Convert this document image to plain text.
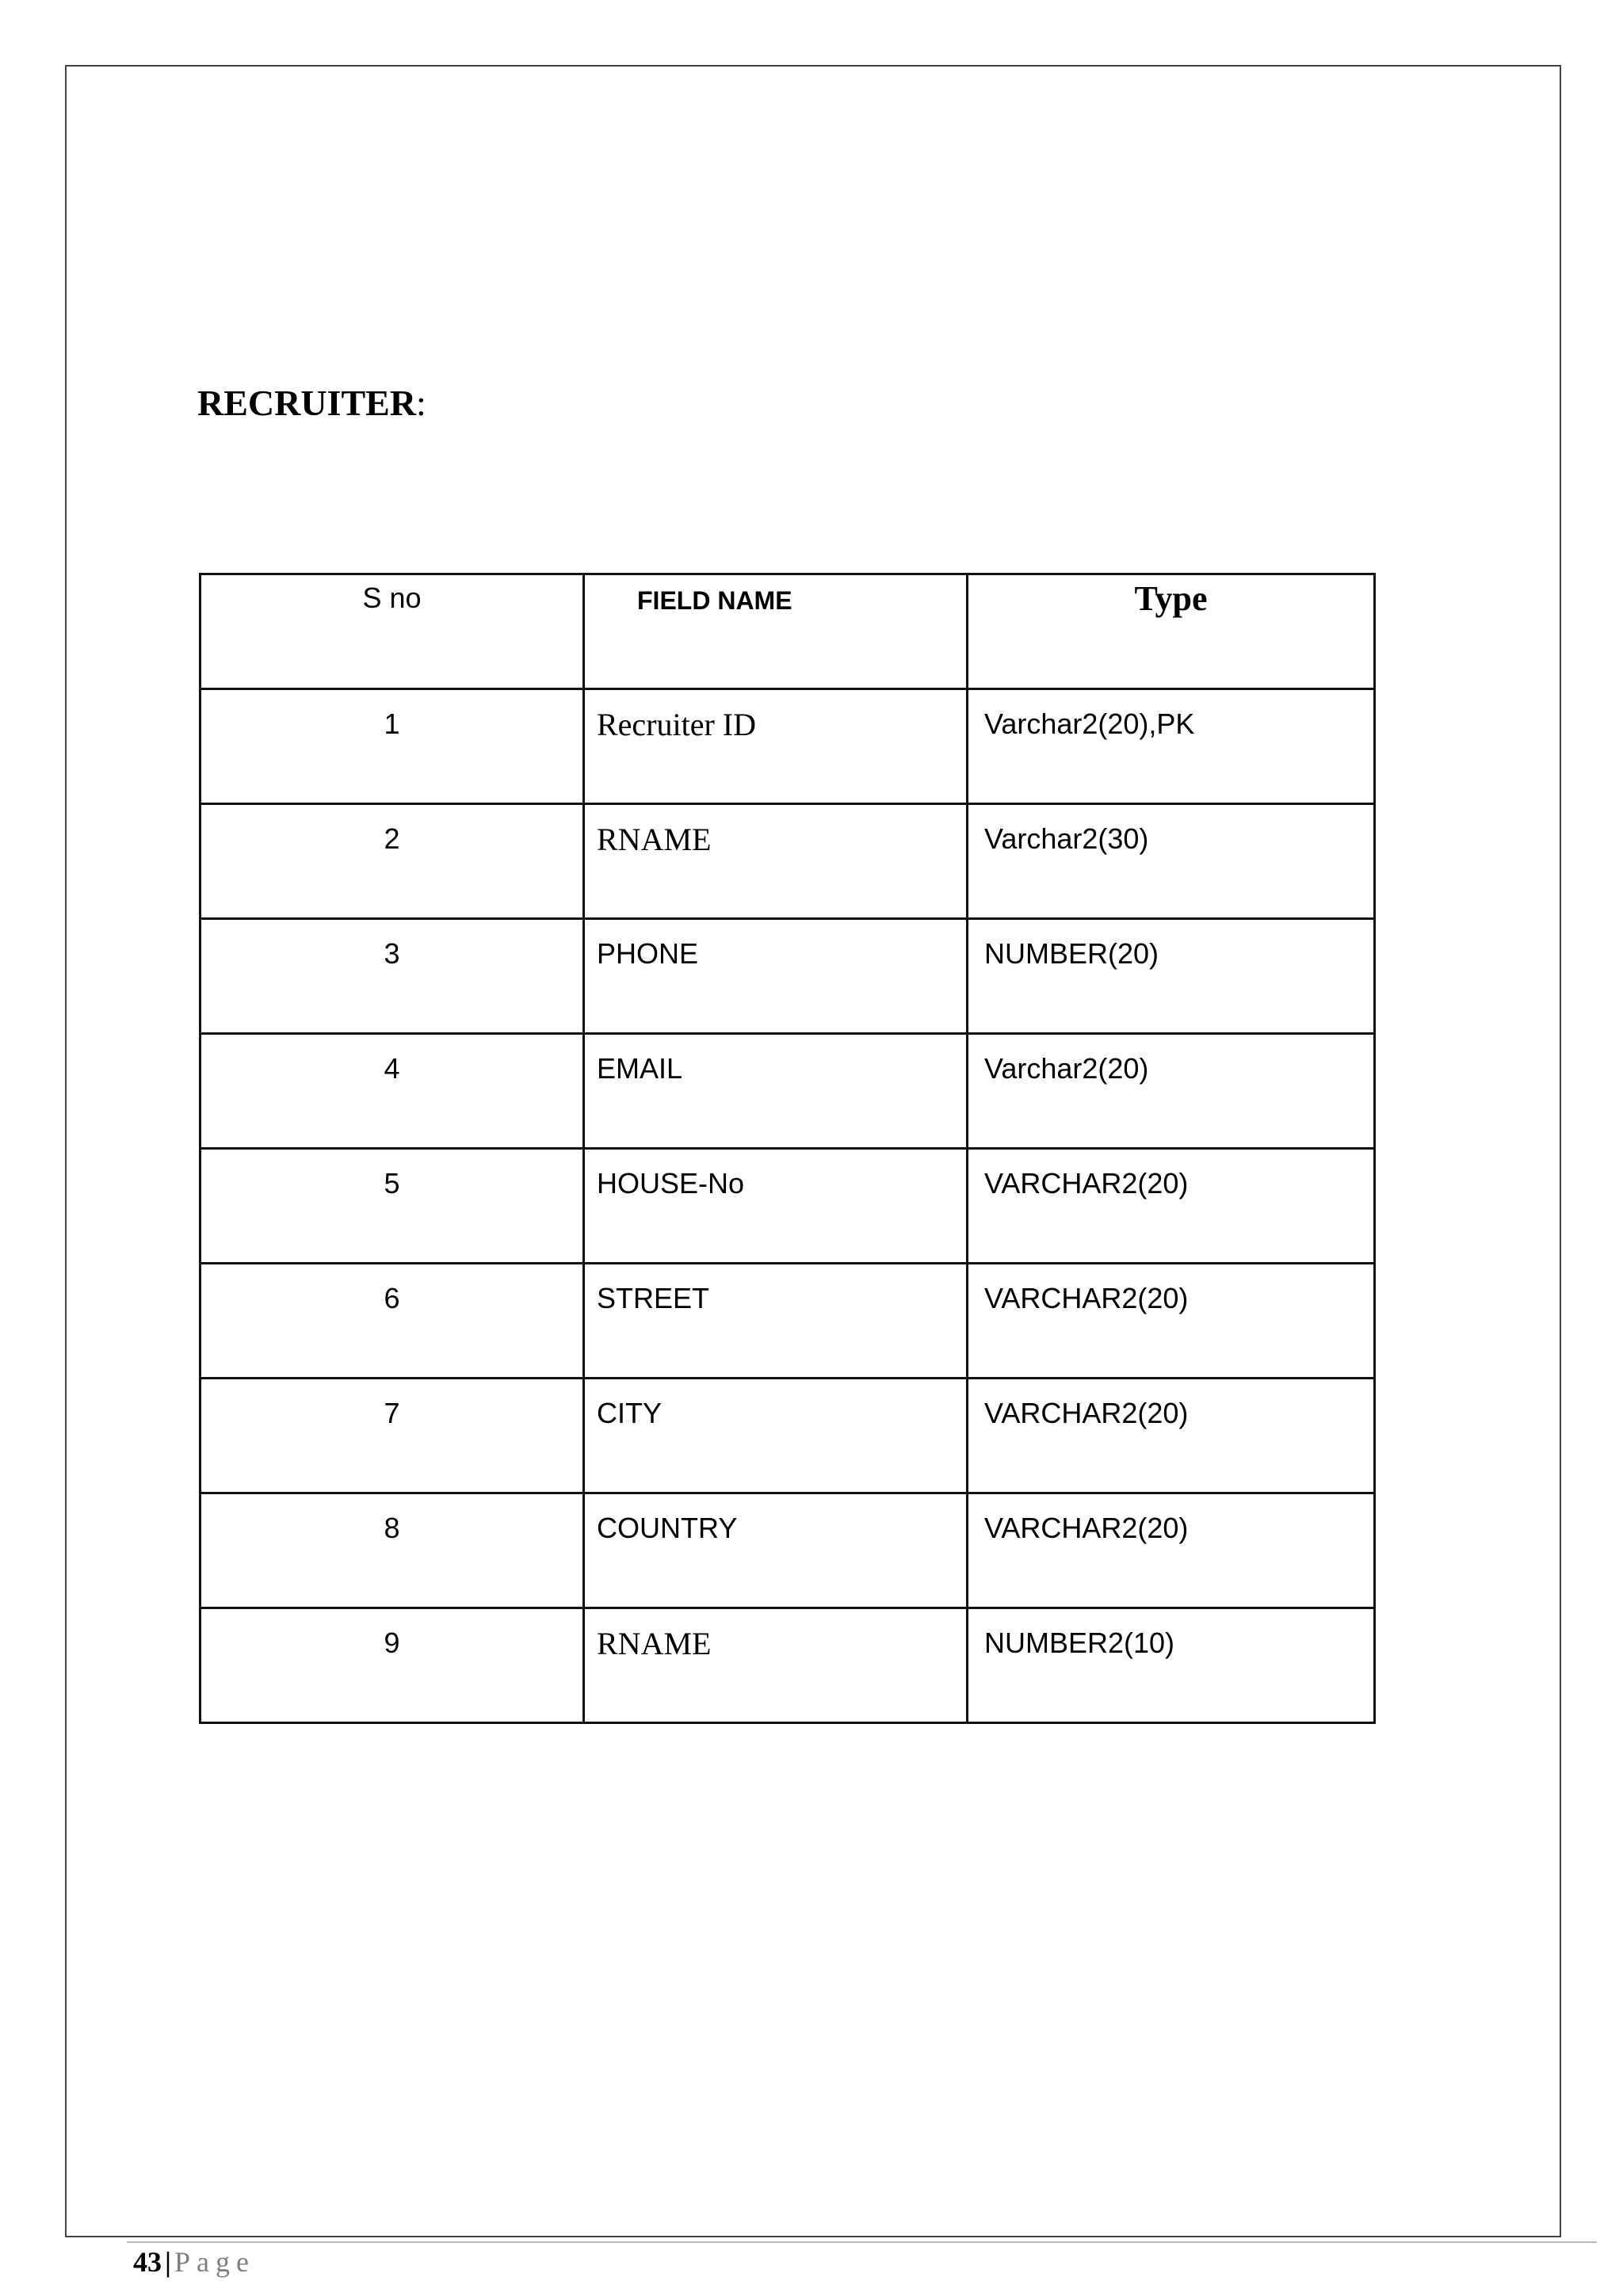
RECRUITER:
S no	FIELD NAME	Type
1	Recruiter ID	Varchar2(20),PK
2	RNAME	Varchar2(30)
3	PHONE	NUMBER(20)
4	EMAIL	Varchar2(20)
5	HOUSE-No	VARCHAR2(20)
6	STREET	VARCHAR2(20)
7	CITY	VARCHAR2(20)
8	COUNTRY	VARCHAR2(20)
9	RNAME	NUMBER2(10)
43 | Page
